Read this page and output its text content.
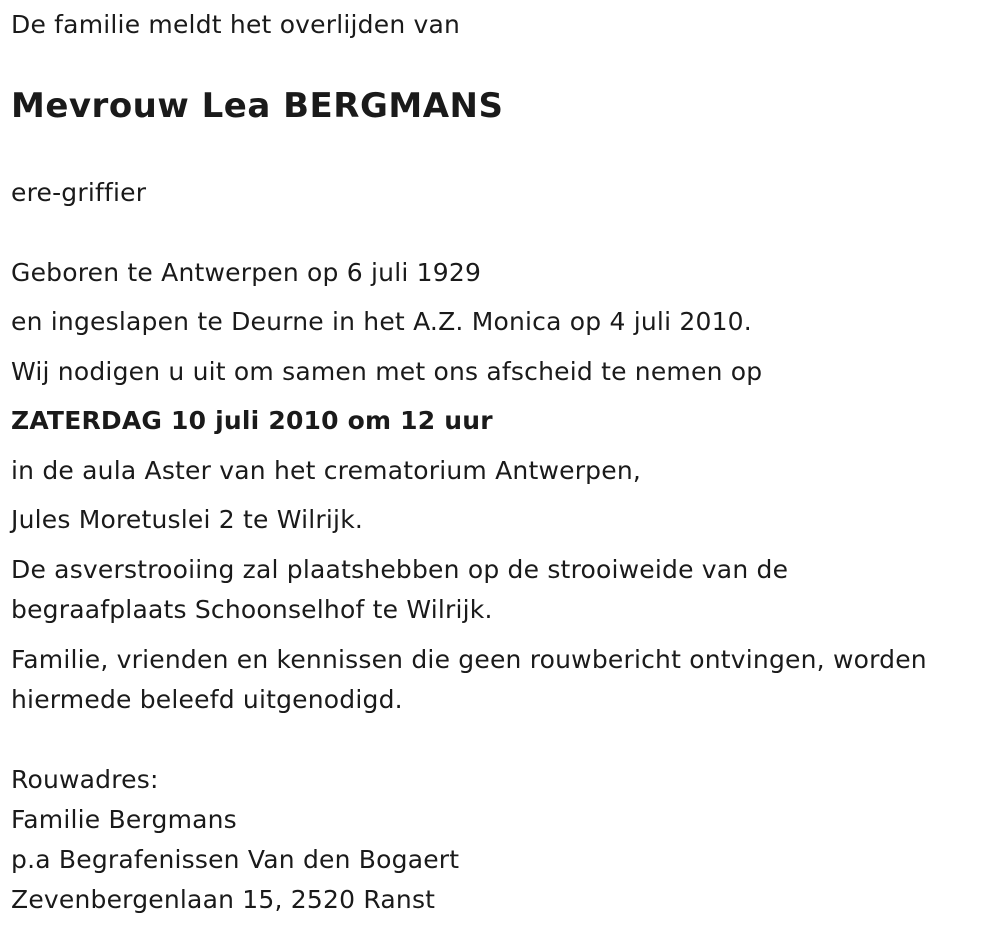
De familie meldt het overlijden van
Mevrouw Lea BERGMANS
ere-griffier
Geboren te Antwerpen op 6 juli 1929
en ingeslapen te Deurne in het A.Z. Monica op 4 juli 2010.
Wij nodigen u uit om samen met ons afscheid te nemen op
ZATERDAG 10 juli 2010 om 12 uur
in de aula Aster van het crematorium Antwerpen,
Jules Moretuslei 2 te Wilrijk.
De asverstrooiing zal plaatshebben op de strooiweide van de
begraafplaats Schoonselhof te Wilrijk.
Familie, vrienden en kennissen die geen rouwbericht ontvingen, worden
hiermede beleefd uitgenodigd.
Rouwadres:
Familie Bergmans
p.a Begrafenissen Van den Bogaert
Zevenbergenlaan 15, 2520 Ranst
